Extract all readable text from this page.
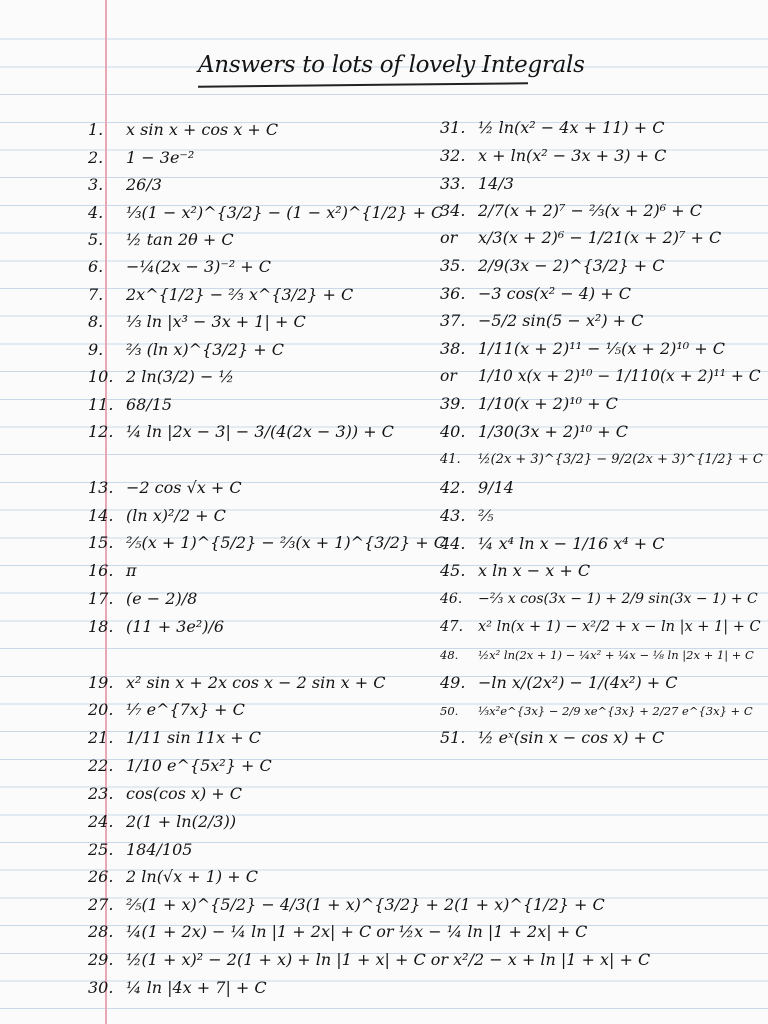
Answers to lots of lovely Integrals
1. x sin x + cos x + C
2. 1 − 3e⁻²
3. 26/3
4. ⅓(1 − x²)^{3/2} − (1 − x²)^{1/2} + C
5. ½ tan 2θ + C
6. −¼(2x − 3)⁻² + C
7. 2x^{1/2} − ⅔ x^{3/2} + C
8. ⅓ ln |x³ − 3x + 1| + C
9. ⅔ (ln x)^{3/2} + C
10. 2 ln(3/2) − ½
11. 68/15
12. ¼ ln |2x − 3| − 3/(4(2x − 3)) + C
13. −2 cos √x + C
14. (ln x)²/2 + C
15. ⅖(x + 1)^{5/2} − ⅔(x + 1)^{3/2} + C
16. π
17. (e − 2)/8
18. (11 + 3e²)/6
19. x² sin x + 2x cos x − 2 sin x + C
20. ⅐ e^{7x} + C
21. 1/11 sin 11x + C
22. 1/10 e^{5x²} + C
23. cos(cos x) + C
24. 2(1 + ln(2/3))
25. 184/105
26. 2 ln(√x + 1) + C
27. ⅖(1 + x)^{5/2} − 4/3(1 + x)^{3/2} + 2(1 + x)^{1/2} + C
28. ¼(1 + 2x) − ¼ ln |1 + 2x| + C or ½x − ¼ ln |1 + 2x| + C
29. ½(1 + x)² − 2(1 + x) + ln |1 + x| + C or x²/2 − x + ln |1 + x| + C
30. ¼ ln |4x + 7| + C
31. ½ ln(x² − 4x + 11) + C
32. x + ln(x² − 3x + 3) + C
33. 14/3
34. 2/7(x + 2)⁷ − ⅔(x + 2)⁶ + C
or x/3(x + 2)⁶ − 1/21(x + 2)⁷ + C
35. 2/9(3x − 2)^{3/2} + C
36. −3 cos(x² − 4) + C
37. −5/2 sin(5 − x²) + C
38. 1/11(x + 2)¹¹ − ⅕(x + 2)¹⁰ + C
or 1/10 x(x + 2)¹⁰ − 1/110(x + 2)¹¹ + C
39. 1/10(x + 2)¹⁰ + C
40. 1/30(3x + 2)¹⁰ + C
41. ½(2x + 3)^{3/2} − 9/2(2x + 3)^{1/2} + C
42. 9/14
43. ⅖
44. ¼ x⁴ ln x − 1/16 x⁴ + C
45. x ln x − x + C
46. −⅔ x cos(3x − 1) + 2/9 sin(3x − 1) + C
47. x² ln(x + 1) − x²/2 + x − ln |x + 1| + C
48. ½x² ln(2x + 1) − ¼x² + ¼x − ⅛ ln |2x + 1| + C
49. −ln x/(2x²) − 1/(4x²) + C
50. ⅓x²e^{3x} − 2/9 xe^{3x} + 2/27 e^{3x} + C
51. ½ eˣ(sin x − cos x) + C
